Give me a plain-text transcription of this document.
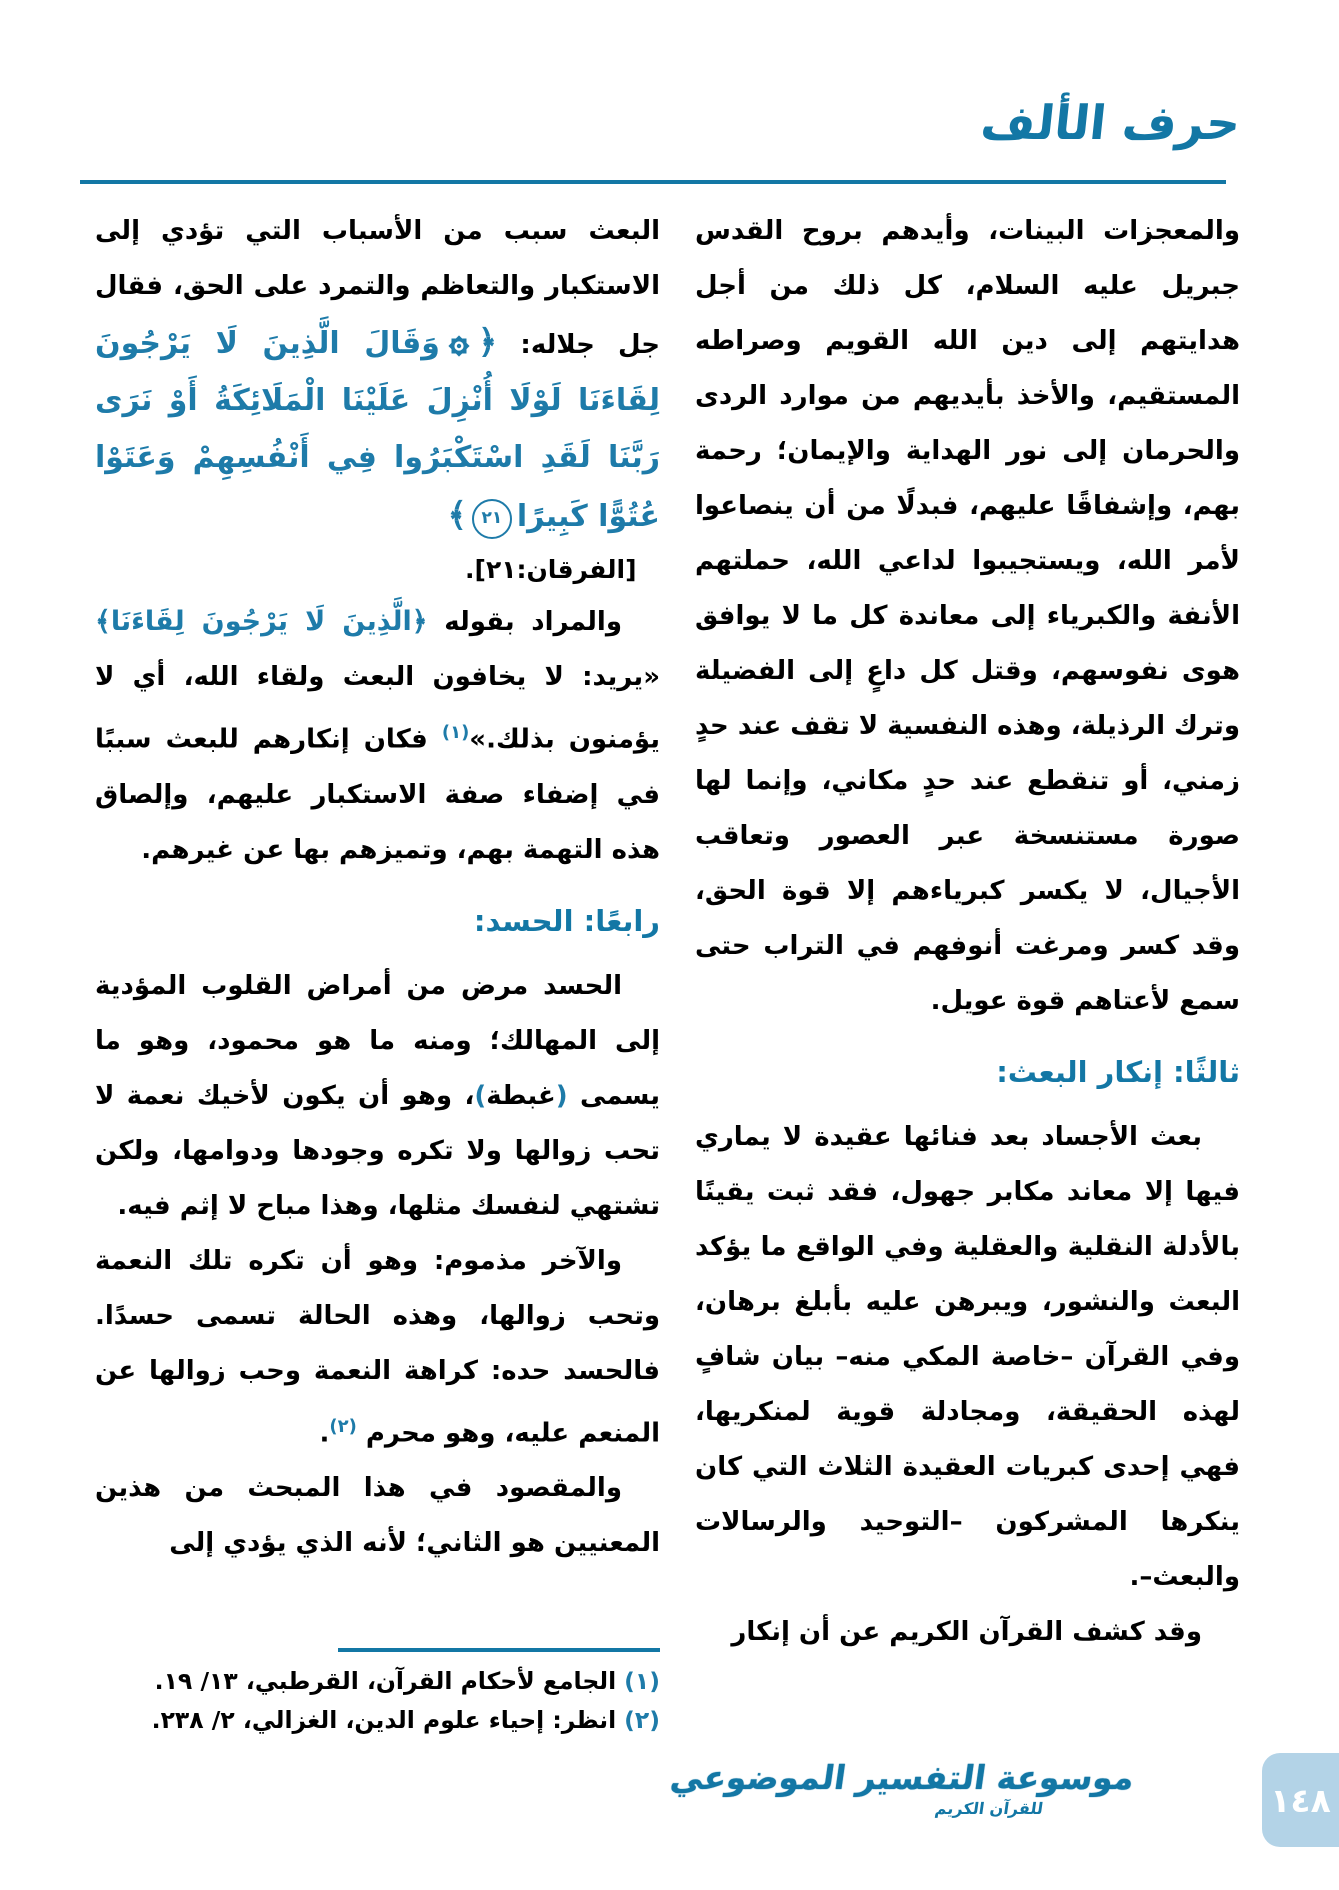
حرف الألف

والمعجزات البينات، وأيدهم بروح القدس جبريل عليه السلام، كل ذلك من أجل هدايتهم إلى دين الله القويم وصراطه المستقيم، والأخذ بأيديهم من موارد الردى والحرمان إلى نور الهداية والإيمان؛ رحمة بهم، وإشفاقًا عليهم، فبدلًا من أن ينصاعوا لأمر الله، ويستجيبوا لداعي الله، حملتهم الأنفة والكبرياء إلى معاندة كل ما لا يوافق هوى نفوسهم، وقتل كل داعٍ إلى الفضيلة وترك الرذيلة، وهذه النفسية لا تقف عند حدٍ زمني، أو تنقطع عند حدٍ مكاني، وإنما لها صورة مستنسخة عبر العصور وتعاقب الأجيال، لا يكسر كبرياءهم إلا قوة الحق، وقد كسر ومرغت أنوفهم في التراب حتى سمع لأعتاهم قوة عويل.

ثالثًا: إنكار البعث:

بعث الأجساد بعد فنائها عقيدة لا يماري فيها إلا معاند مكابر جهول، فقد ثبت يقينًا بالأدلة النقلية والعقلية وفي الواقع ما يؤكد البعث والنشور، ويبرهن عليه بأبلغ برهان، وفي القرآن –خاصة المكي منه– بيان شافٍ لهذه الحقيقة، ومجادلة قوية لمنكريها، فهي إحدى كبريات العقيدة الثلاث التي كان ينكرها المشركون –التوحيد والرسالات والبعث–.

وقد كشف القرآن الكريم عن أن إنكار

البعث سبب من الأسباب التي تؤدي إلى الاستكبار والتعاظم والتمرد على الحق، فقال جل جلاله: ﴿وَقَالَ الَّذِينَ لَا يَرْجُونَ لِقَاءَنَا لَوْلَا أُنْزِلَ عَلَيْنَا الْمَلَائِكَةُ أَوْ نَرَى رَبَّنَا لَقَدِ اسْتَكْبَرُوا فِي أَنْفُسِهِمْ وَعَتَوْا عُتُوًّا كَبِيرًا٢١﴾
[الفرقان:٢١].

والمراد بقوله ﴿الَّذِينَ لَا يَرْجُونَ لِقَاءَنَا﴾ «يريد: لا يخافون البعث ولقاء الله، أي لا يؤمنون بذلك.»$^{(١)}$ فكان إنكارهم للبعث سببًا في إضفاء صفة الاستكبار عليهم، وإلصاق هذه التهمة بهم، وتميزهم بها عن غيرهم.

رابعًا: الحسد:

الحسد مرض من أمراض القلوب المؤدية إلى المهالك؛ ومنه ما هو محمود، وهو ما يسمى (غبطة)، وهو أن يكون لأخيك نعمة لا تحب زوالها ولا تكره وجودها ودوامها، ولكن تشتهي لنفسك مثلها، وهذا مباح لا إثم فيه.

والآخر مذموم: وهو أن تكره تلك النعمة وتحب زوالها، وهذه الحالة تسمى حسدًا. فالحسد حده: كراهة النعمة وحب زوالها عن المنعم عليه، وهو محرم $^{(٢)}$.

والمقصود في هذا المبحث من هذين المعنيين هو الثاني؛ لأنه الذي يؤدي إلى

(١)
الجامع لأحكام القرآن، القرطبي، ١٣/ ١٩.
(٢)
انظر: إحياء علوم الدين، الغزالي، ٢/ ٢٣٨.
موسوعة التفسير الموضوعي
للقرآن الكريم	١٤٨
